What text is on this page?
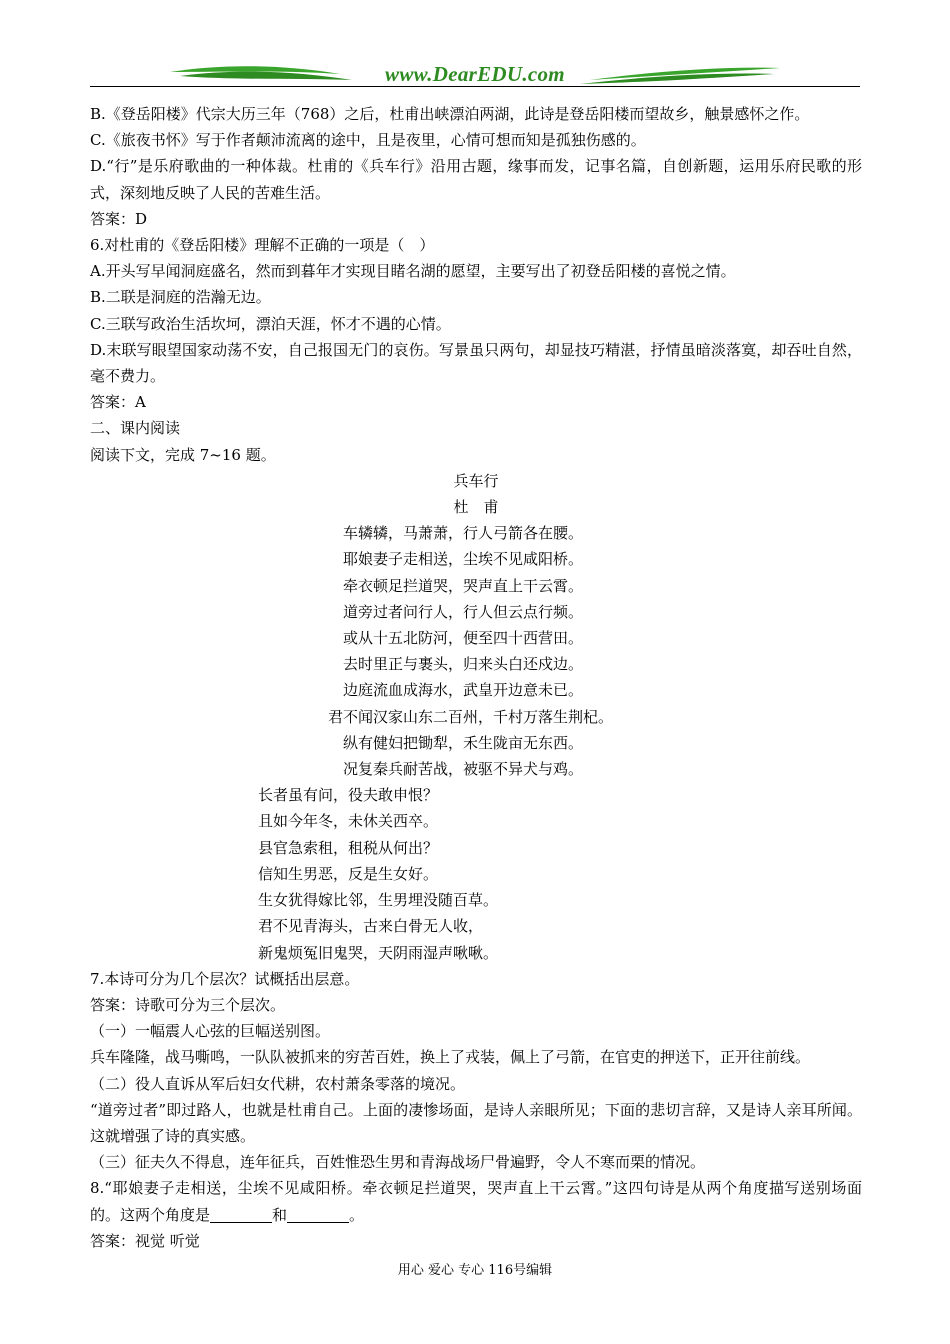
www.DearEDU.com

B.《登岳阳楼》代宗大历三年（768）之后，杜甫出峡漂泊两湖，此诗是登岳阳楼而望故乡，触景感怀之作。

C.《旅夜书怀》写于作者颠沛流离的途中，且是夜里，心情可想而知是孤独伤感的。

D.“行”是乐府歌曲的一种体裁。杜甫的《兵车行》沿用古题，缘事而发，记事名篇，自创新题，运用乐府民歌的形式，深刻地反映了人民的苦难生活。

答案：D

6.对杜甫的《登岳阳楼》理解不正确的一项是（　）

A.开头写早闻洞庭盛名，然而到暮年才实现目睹名湖的愿望，主要写出了初登岳阳楼的喜悦之情。

B.二联是洞庭的浩瀚无边。

C.三联写政治生活坎坷，漂泊天涯，怀才不遇的心情。

D.末联写眼望国家动荡不安，自己报国无门的哀伤。写景虽只两句，却显技巧精湛，抒情虽暗淡落寞，却吞吐自然，毫不费力。

答案：A

二、课内阅读

阅读下文，完成 7~16 题。

兵车行

杜　甫

车辚辚，马萧萧，行人弓箭各在腰。

耶娘妻子走相送，尘埃不见咸阳桥。

牵衣顿足拦道哭，哭声直上干云霄。

道旁过者问行人，行人但云点行频。

或从十五北防河，便至四十西营田。

去时里正与裹头，归来头白还戍边。

边庭流血成海水，武皇开边意未已。

君不闻汉家山东二百州，千村万落生荆杞。

纵有健妇把锄犁，禾生陇亩无东西。

况复秦兵耐苦战，被驱不异犬与鸡。

长者虽有问，役夫敢申恨？

且如今年冬，未休关西卒。

县官急索租，租税从何出？

信知生男恶，反是生女好。

生女犹得嫁比邻，生男埋没随百草。

君不见青海头，古来白骨无人收，

新鬼烦冤旧鬼哭，天阴雨湿声啾啾。

7.本诗可分为几个层次？试概括出层意。

答案：诗歌可分为三个层次。

（一）一幅震人心弦的巨幅送别图。

兵车隆隆，战马嘶鸣，一队队被抓来的穷苦百姓，换上了戎装，佩上了弓箭，在官吏的押送下，正开往前线。

（二）役人直诉从军后妇女代耕，农村萧条零落的境况。

“道旁过者”即过路人，也就是杜甫自己。上面的凄惨场面，是诗人亲眼所见；下面的悲切言辞，又是诗人亲耳所闻。这就增强了诗的真实感。

（三）征夫久不得息，连年征兵，百姓惟恐生男和青海战场尸骨遍野，令人不寒而栗的情况。

8.“耶娘妻子走相送，尘埃不见咸阳桥。牵衣顿足拦道哭，哭声直上干云霄。”这四句诗是从两个角度描写送别场面的。这两个角度是	和	。

答案：视觉 听觉

用心 爱心 专心 116号编辑
